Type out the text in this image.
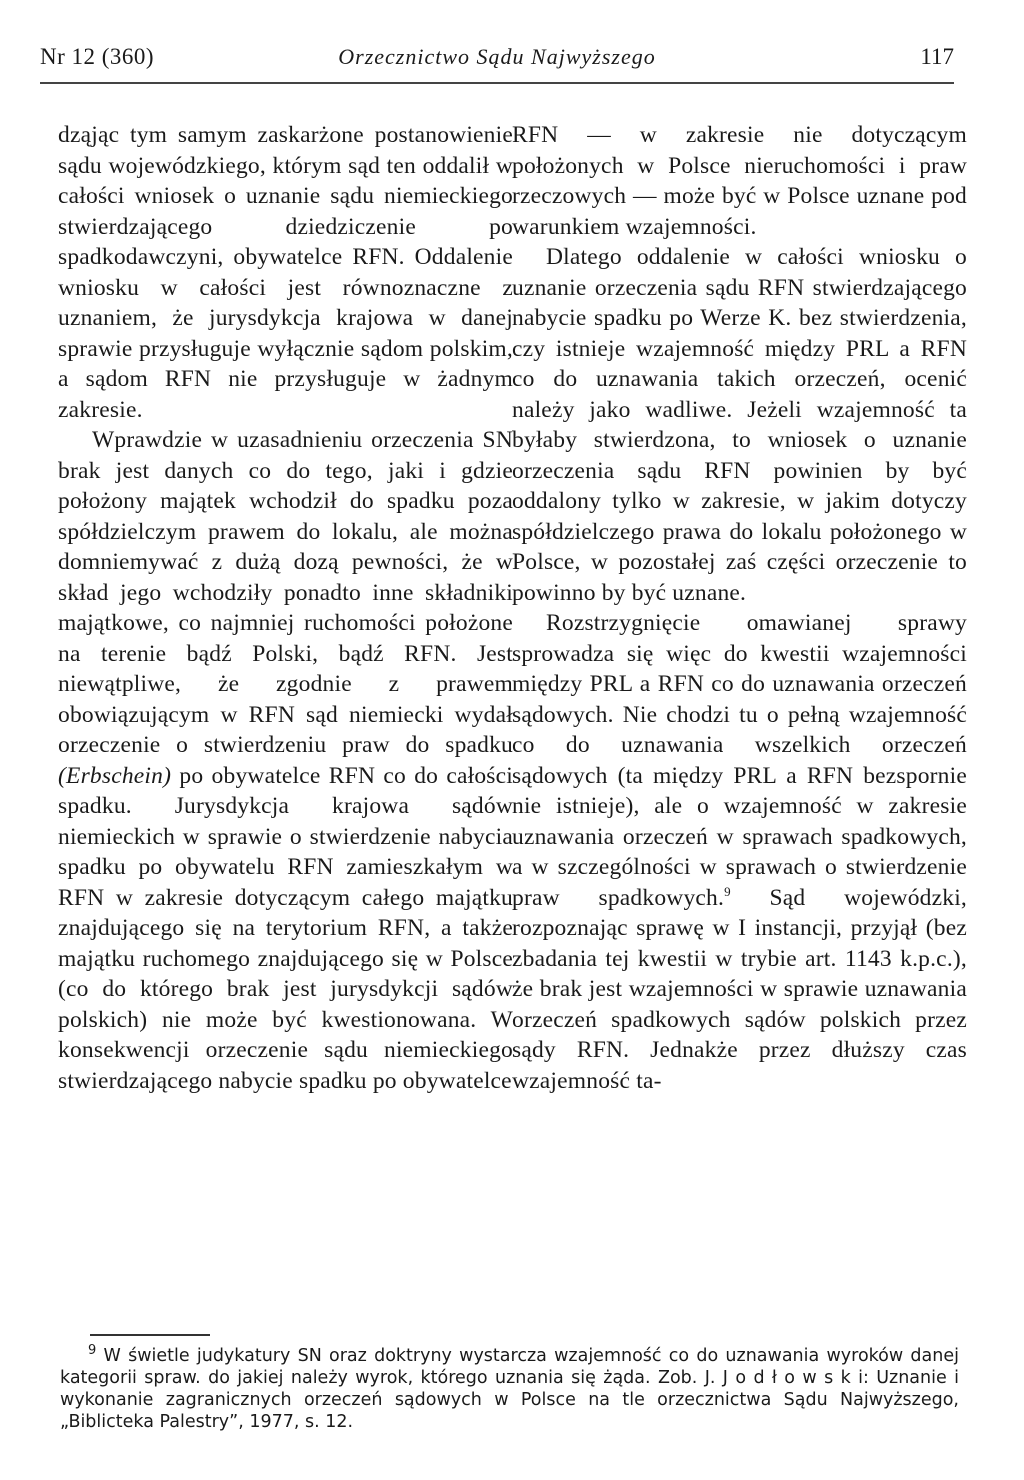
Nr 12 (360)	Orzecznictwo Sądu Najwyższego	117

dząjąc tym samym zaskarżone postanowienie sądu wojewódzkiego, którym sąd ten oddalił w całości wniosek o uznanie sądu niemieckiego stwierdzającego dziedziczenie po spadkodawczyni, obywatelce RFN. Oddalenie wniosku w całości jest równoznaczne z uznaniem, że jurysdykcja krajowa w danej sprawie przysługuje wyłącznie sądom polskim, a sądom RFN nie przysługuje w żadnym zakresie.

Wprawdzie w uzasadnieniu orzeczenia SN brak jest danych co do tego, jaki i gdzie położony majątek wchodził do spadku poza spółdzielczym prawem do lokalu, ale można domniemywać z dużą dozą pewności, że w skład jego wchodziły ponadto inne składniki majątkowe, co najmniej ruchomości położone na terenie bądź Polski, bądź RFN. Jest niewątpliwe, że zgodnie z prawem obowiązującym w RFN sąd niemiecki wydał orzeczenie o stwierdzeniu praw do spadku (Erbschein) po obywatelce RFN co do całości spadku. Jurysdykcja krajowa sądów niemieckich w sprawie o stwierdzenie nabycia spadku po obywatelu RFN zamieszkałym w RFN w zakresie dotyczącym całego majątku znajdującego się na terytorium RFN, a także majątku ruchomego znajdującego się w Polsce (co do którego brak jest jurysdykcji sądów polskich) nie może być kwestionowana. W konsekwencji orzeczenie sądu niemieckiego stwierdzającego nabycie spadku po obywatelce

RFN — w zakresie nie dotyczącym położonych w Polsce nieruchomości i praw rzeczowych — może być w Polsce uznane pod warunkiem wzajemności.

Dlatego oddalenie w całości wniosku o uznanie orzeczenia sądu RFN stwierdzającego nabycie spadku po Werze K. bez stwierdzenia, czy istnieje wzajemność między PRL a RFN co do uznawania takich orzeczeń, ocenić należy jako wadliwe. Jeżeli wzajemność ta byłaby stwierdzona, to wniosek o uznanie orzeczenia sądu RFN powinien by być oddalony tylko w zakresie, w jakim dotyczy spółdzielczego prawa do lokalu położonego w Polsce, w pozostałej zaś części orzeczenie to powinno by być uznane.

Rozstrzygnięcie omawianej sprawy sprowadza się więc do kwestii wzajemności między PRL a RFN co do uznawania orzeczeń sądowych. Nie chodzi tu o pełną wzajemność co do uznawania wszelkich orzeczeń sądowych (ta między PRL a RFN bezspornie nie istnieje), ale o wzajemność w zakresie uznawania orzeczeń w sprawach spadkowych, a w szczególności w sprawach o stwierdzenie praw spadkowych.$^9$ Sąd wojewódzki, rozpoznając sprawę w I instancji, przyjął (bez zbadania tej kwestii w trybie art. 1143 k.p.c.), że brak jest wzajemności w sprawie uznawania orzeczeń spadkowych sądów polskich przez sądy RFN. Jednakże przez dłuższy czas wzajemność ta-

$^9$ W świetle judykatury SN oraz doktryny wystarcza wzajemność co do uznawania wyroków danej kategorii spraw. do jakiej należy wyrok, którego uznania się żąda. Zob. J. J o d ł o w s k i: Uznanie i wykonanie zagranicznych orzeczeń sądowych w Polsce na tle orzecznictwa Sądu Najwyższego, „Biblicteka Palestry”, 1977, s. 12.
